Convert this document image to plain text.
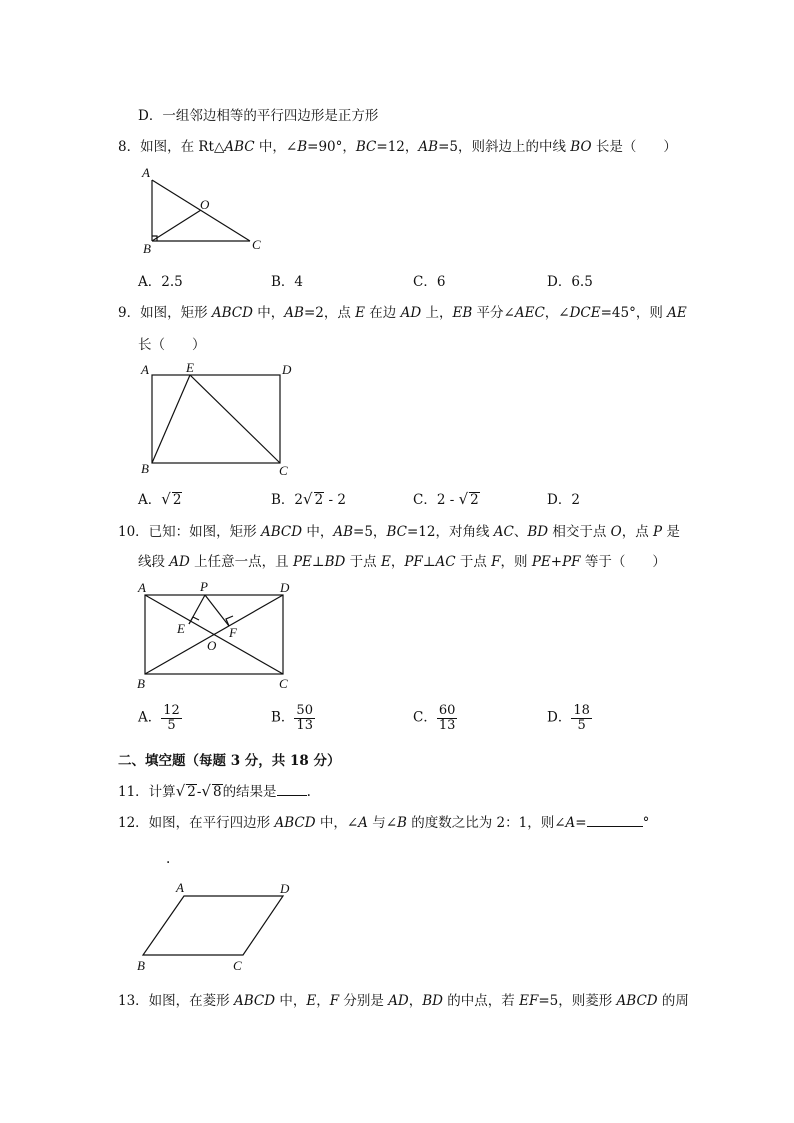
D．一组邻边相等的平行四边形是正方形
8．如图，在 Rt△ABC 中，∠B=90°，BC=12，AB=5，则斜边上的中线 BO 长是（　　）
A
B	C
O
A．2.5	B．4	C．6	D．6.5
9．如图，矩形 ABCD 中，AB=2，点 E 在边 AD 上，EB 平分∠AEC，∠DCE=45°，则 AE
长（　　）
A	E	D
B	C
A．√ 2	B．2√ 2 - 2	C．2 - √ 2	D．2
10．已知：如图，矩形 ABCD 中，AB=5，BC=12，对角线 AC、BD 相交于点 O，点 P 是
线段 AD 上任意一点，且 PE⊥BD 于点 E，PF⊥AC 于点 F，则 PE+PF 等于（　　）
A	P	D
E	F
O
B	C
A． $\frac{12}{5}$	B． $\frac{50}{13}$	C． $\frac{60}{13}$	D． $\frac{18}{5}$
二、填空题（每题 3 分，共 18 分）
11．计算√ 2-√ 8的结果是 .
12．如图，在平行四边形 ABCD 中，∠A 与∠B 的度数之比为 2：1，则∠A=	°
.
A	D
B	C
13．如图，在菱形 ABCD 中，E，F 分别是 AD，BD 的中点，若 EF=5，则菱形 ABCD 的周
